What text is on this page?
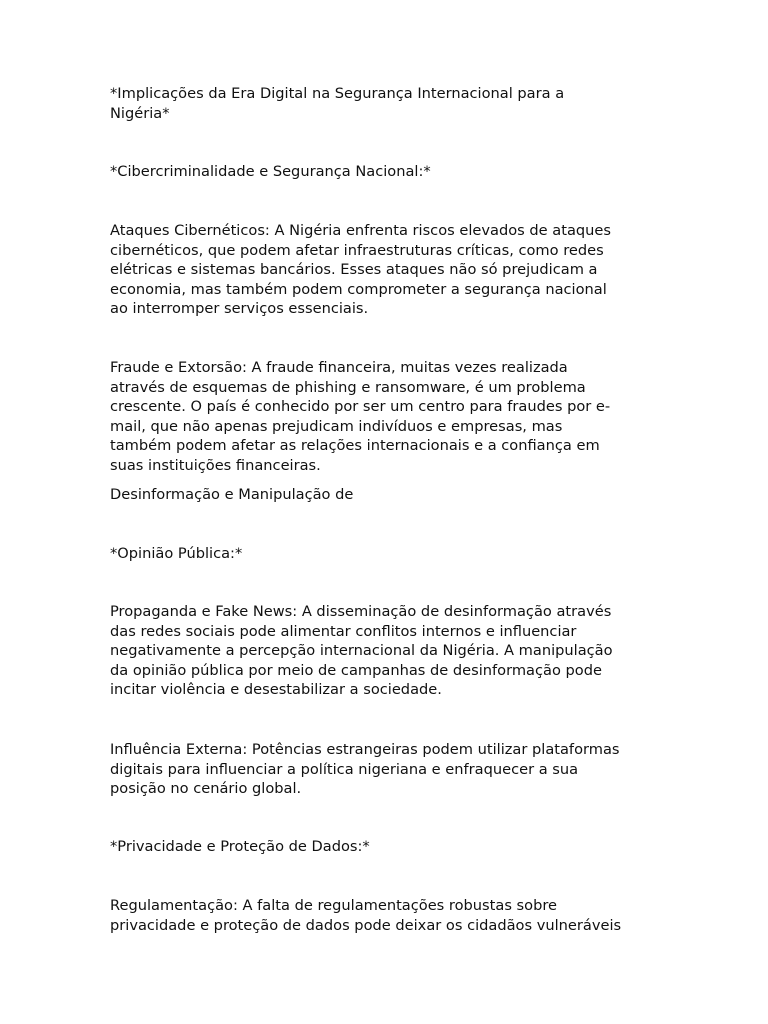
*Implicações da Era Digital na Segurança Internacional para a
Nigéria*

*Cibercriminalidade e Segurança Nacional:*

Ataques Cibernéticos: A Nigéria enfrenta riscos elevados de ataques
cibernéticos, que podem afetar infraestruturas críticas, como redes
elétricas e sistemas bancários. Esses ataques não só prejudicam a
economia, mas também podem comprometer a segurança nacional
ao interromper serviços essenciais.

Fraude e Extorsão: A fraude financeira, muitas vezes realizada
através de esquemas de phishing e ransomware, é um problema
crescente. O país é conhecido por ser um centro para fraudes por e-
mail, que não apenas prejudicam indivíduos e empresas, mas
também podem afetar as relações internacionais e a confiança em
suas instituições financeiras.

Desinformação e Manipulação de

*Opinião Pública:*

Propaganda e Fake News: A disseminação de desinformação através
das redes sociais pode alimentar conflitos internos e influenciar
negativamente a percepção internacional da Nigéria. A manipulação
da opinião pública por meio de campanhas de desinformação pode
incitar violência e desestabilizar a sociedade.

Influência Externa: Potências estrangeiras podem utilizar plataformas
digitais para influenciar a política nigeriana e enfraquecer a sua
posição no cenário global.

*Privacidade e Proteção de Dados:*

Regulamentação: A falta de regulamentações robustas sobre
privacidade e proteção de dados pode deixar os cidadãos vulneráveis
